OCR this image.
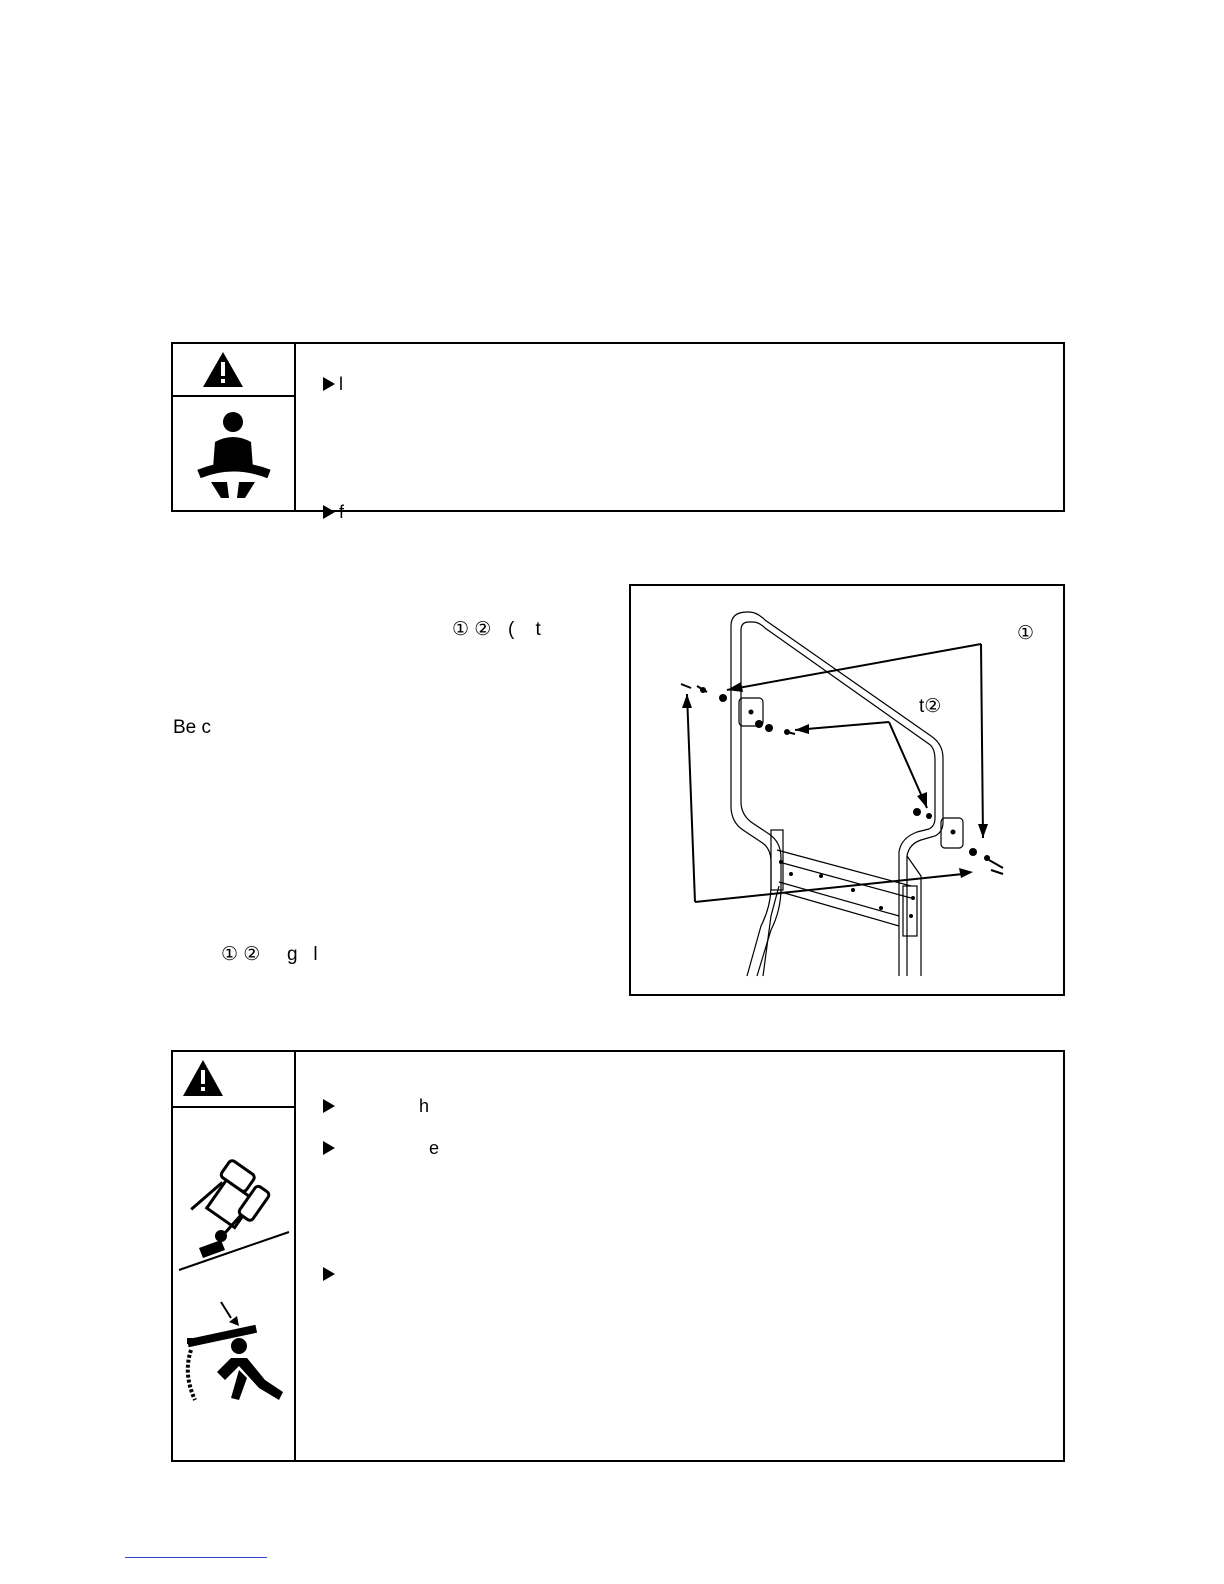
l

f

① ② (    t
Be c
① ② g   l
①
t②

h

e
